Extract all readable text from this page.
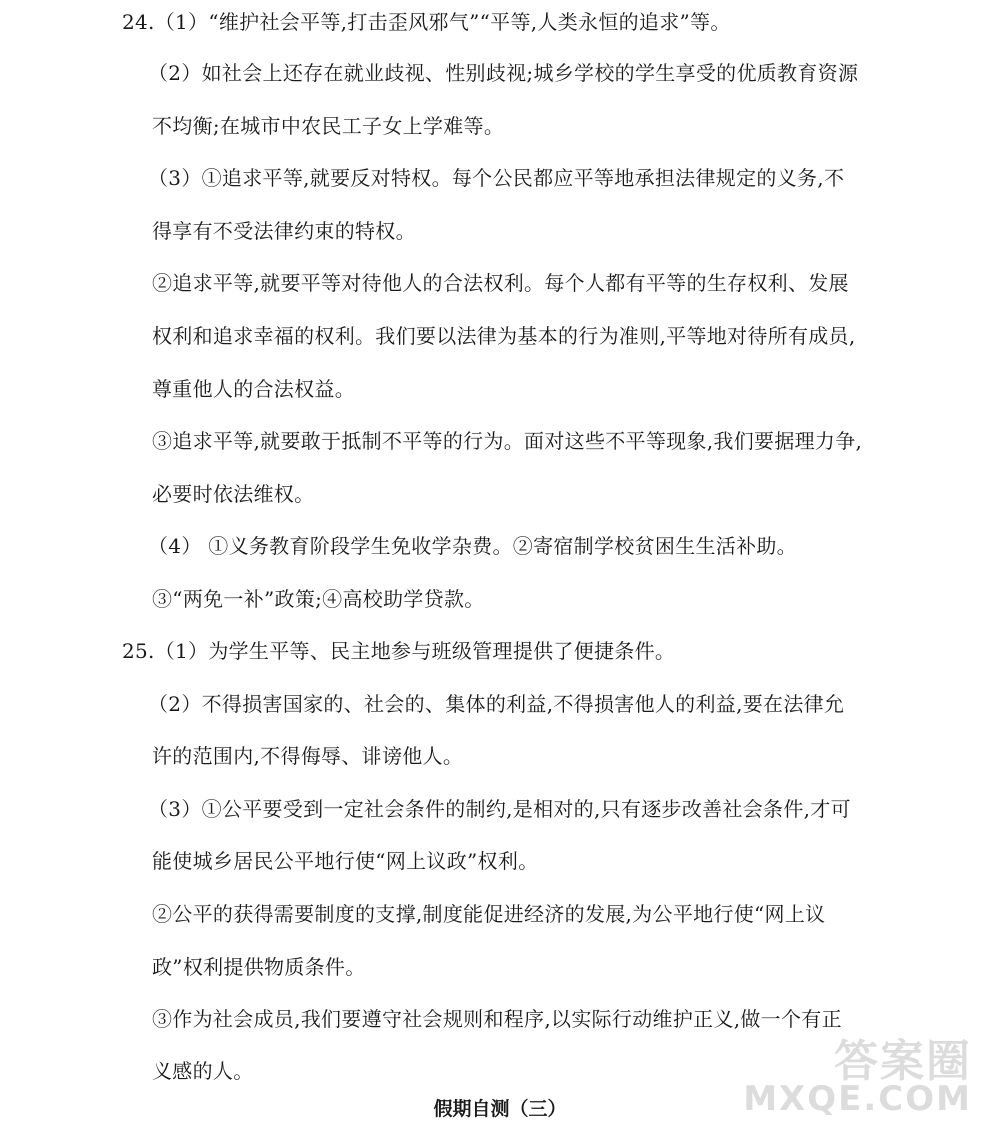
24.（1）“维护社会平等,打击歪风邪气”“平等,人类永恒的追求”等。
（2）如社会上还存在就业歧视、性别歧视;城乡学校的学生享受的优质教育资源
不均衡;在城市中农民工子女上学难等。
（3）①追求平等,就要反对特权。每个公民都应平等地承担法律规定的义务,不
得享有不受法律约束的特权。
②追求平等,就要平等对待他人的合法权利。每个人都有平等的生存权利、发展
权利和追求幸福的权利。我们要以法律为基本的行为准则,平等地对待所有成员,
尊重他人的合法权益。
③追求平等,就要敢于抵制不平等的行为。面对这些不平等现象,我们要据理力争,
必要时依法维权。
（4） ①义务教育阶段学生免收学杂费。②寄宿制学校贫困生生活补助。
③“两免一补”政策;④高校助学贷款。
25.（1）为学生平等、民主地参与班级管理提供了便捷条件。
（2）不得损害国家的、社会的、集体的利益,不得损害他人的利益,要在法律允
许的范围内,不得侮辱、诽谤他人。
（3）①公平要受到一定社会条件的制约,是相对的,只有逐步改善社会条件,才可
能使城乡居民公平地行使“网上议政”权利。
②公平的获得需要制度的支撑,制度能促进经济的发展,为公平地行使“网上议
政”权利提供物质条件。
③作为社会成员,我们要遵守社会规则和程序,以实际行动维护正义,做一个有正
义感的人。
假期自测（三）
答案圈
MXQE.COM
